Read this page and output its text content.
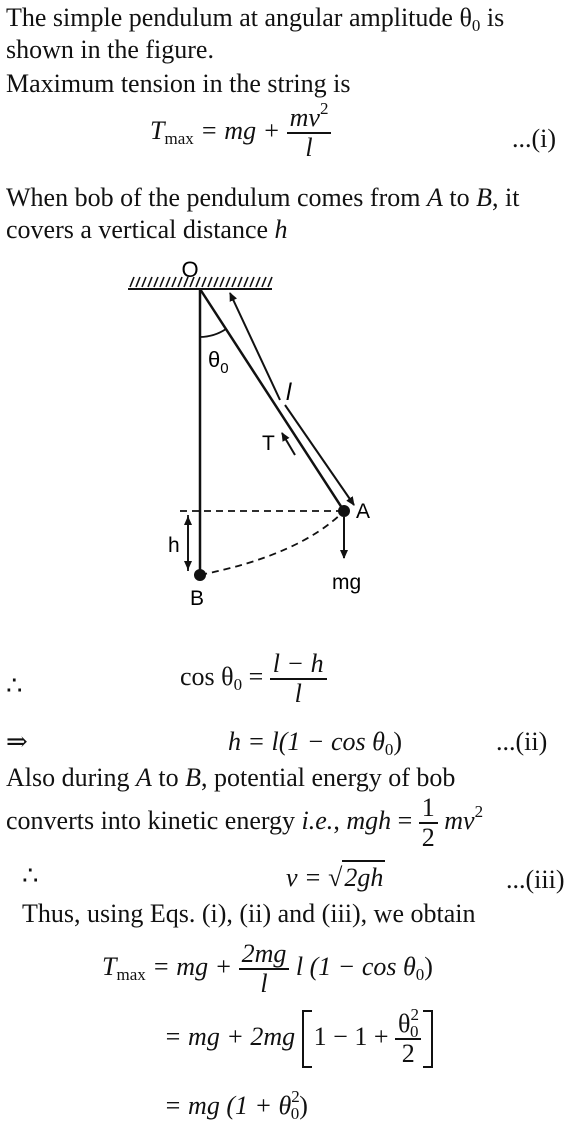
The simple pendulum at angular amplitude $\theta_0$ is
shown in the figure.
Maximum tension in the string is
$T_{max}$ = mg + $\frac{mv^2}{l}$	...(i)
When bob of the pendulum comes from A to B, it
covers a vertical distance h
O
$\theta_0$
l
T
A
mg
h
B
∴	$\cos \theta_0 = \frac{l - h}{l}$
⇒	$h = l(1 - \cos \theta_0)$	...(ii)
Also during A to B, potential energy of bob
converts into kinetic energy i.e., mgh = $\frac{1}{2} mv^2$
∴	v = √2gh	...(iii)
Thus, using Eqs. (i), (ii) and (iii), we obtain
$T_{max}$ = mg + $\frac{2mg}{l}$ l $(1 - \cos \theta_0)$
= mg + 2mg $1 - 1 + \frac{\theta^2_0}{2}$
= mg $(1 + \theta^2_0)$
